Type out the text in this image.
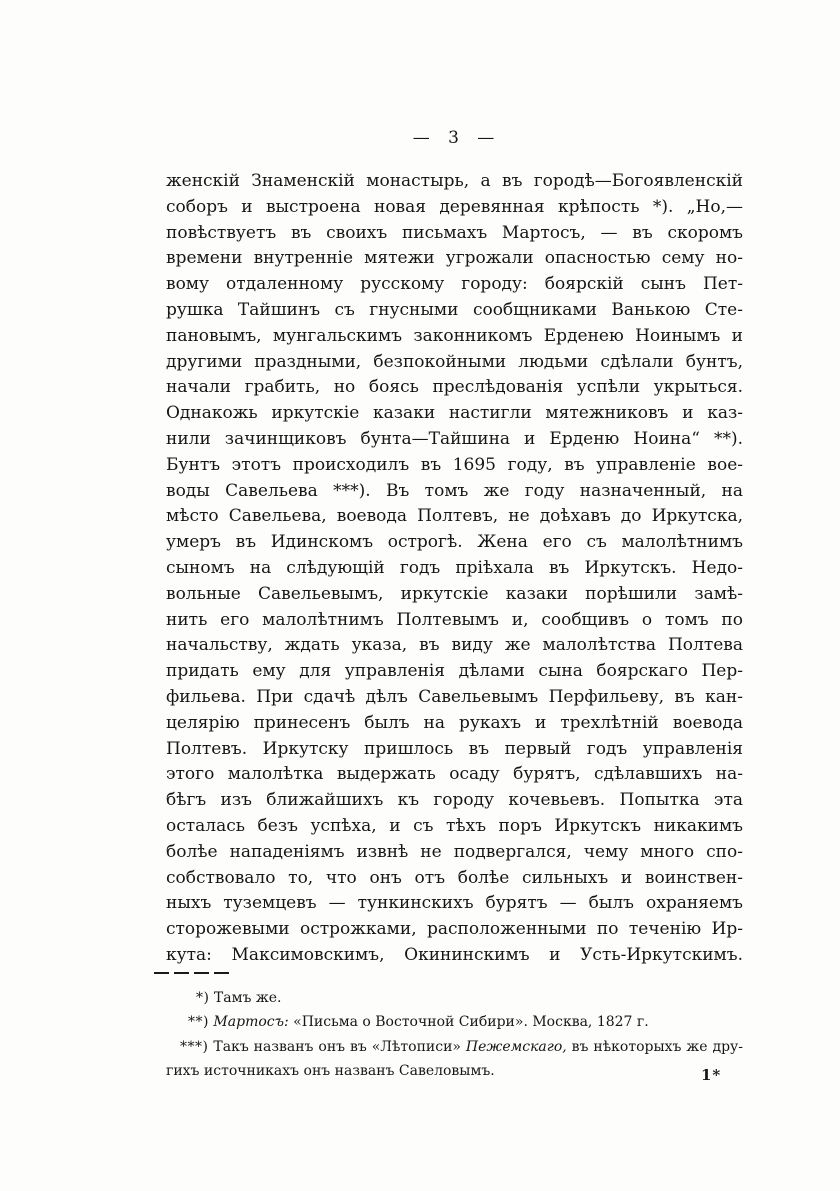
— 3 —
женскій Знаменскій монастырь, а въ городѣ—Богоявленскій
соборъ и выстроена новая деревянная крѣпость *). „Но,—
повѣствуетъ въ своихъ письмахъ Мартосъ, — въ скоромъ
времени внутренніе мятежи угрожали опасностью сему но-
вому отдаленному русскому городу: боярскій сынъ Пет-
рушка Тайшинъ съ гнусными сообщниками Ванькою Сте-
пановымъ, мунгальскимъ законникомъ Ерденею Ноинымъ и
другими праздными, безпокойными людьми сдѣлали бунтъ,
начали грабить, но боясь преслѣдованія успѣли укрыться.
Однакожь иркутскіе казаки настигли мятежниковъ и каз-
нили зачинщиковъ бунта—Тайшина и Ерденю Ноина“ **).
Бунтъ этотъ происходилъ въ 1695 году, въ управленіе вое-
воды Савельева ***). Въ томъ же году назначенный, на
мѣсто Савельева, воевода Полтевъ, не доѣхавъ до Иркутска,
умеръ въ Идинскомъ острогѣ. Жена его съ малолѣтнимъ
сыномъ на слѣдующій годъ пріѣхала въ Иркутскъ. Недо-
вольные Савельевымъ, иркутскіе казаки порѣшили замѣ-
нить его малолѣтнимъ Полтевымъ и, сообщивъ о томъ по
начальству, ждать указа, въ виду же малолѣтства Полтева
придать ему для управленія дѣлами сына боярскаго Пер-
фильева. При сдачѣ дѣлъ Савельевымъ Перфильеву, въ кан-
целярію принесенъ былъ на рукахъ и трехлѣтній воевода
Полтевъ. Иркутску пришлось въ первый годъ управленія
этого малолѣтка выдержать осаду бурятъ, сдѣлавшихъ на-
бѣгъ изъ ближайшихъ къ городу кочевьевъ. Попытка эта
осталась безъ успѣха, и съ тѣхъ поръ Иркутскъ никакимъ
болѣе нападеніямъ извнѣ не подвергался, чему много спо-
собствовало то, что онъ отъ болѣе сильныхъ и воинствен-
ныхъ туземцевъ — тункинскихъ бурятъ — былъ охраняемъ
сторожевыми острожками, расположенными по теченію Ир-
кута: Максимовскимъ, Окининскимъ и Усть-Иркутскимъ.
*) Тамъ же.
**) Мартосъ: «Письма о Восточной Сибири». Москва, 1827 г.
***) Такъ названъ онъ въ «Лѣтописи» Пежемскаго, въ нѣкоторыхъ же дру-
гихъ источникахъ онъ названъ Савеловымъ.	1*
